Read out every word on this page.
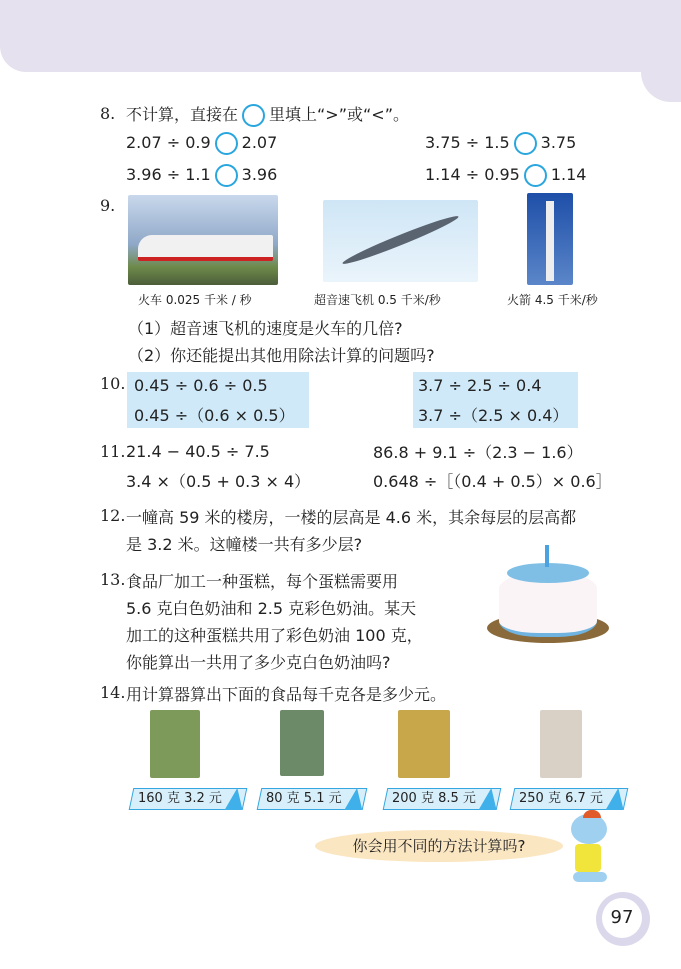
8. 不计算，直接在 里填上“>”或“<”。
2.07 ÷ 0.9 2.07	3.75 ÷ 1.5 3.75
3.96 ÷ 1.1 3.96	1.14 ÷ 0.95 1.14
9.
火车 0.025 千米 / 秒	超音速飞机 0.5 千米/秒	火箭 4.5 千米/秒
（1）超音速飞机的速度是火车的几倍?
（2）你还能提出其他用除法计算的问题吗?
10. 0.45 ÷ 0.6 ÷ 0.5
0.45 ÷（0.6 × 0.5）
3.7 ÷ 2.5 ÷ 0.4
3.7 ÷（2.5 × 0.4）
11. 21.4 − 40.5 ÷ 7.5	86.8 + 9.1 ÷（2.3 − 1.6）
3.4 ×（0.5 + 0.3 × 4）	0.648 ÷［（0.4 + 0.5）× 0.6］
12. 一幢高 59 米的楼房，一楼的层高是 4.6 米，其余每层的层高都
是 3.2 米。这幢楼一共有多少层?
13. 食品厂加工一种蛋糕，每个蛋糕需要用
5.6 克白色奶油和 2.5 克彩色奶油。某天
加工的这种蛋糕共用了彩色奶油 100 克，
你能算出一共用了多少克白色奶油吗?
14. 用计算器算出下面的食品每千克各是多少元。
160 克 3.2 元	80 克 5.1 元	200 克 8.5 元	250 克 6.7 元
你会用不同的方法计算吗?
97
